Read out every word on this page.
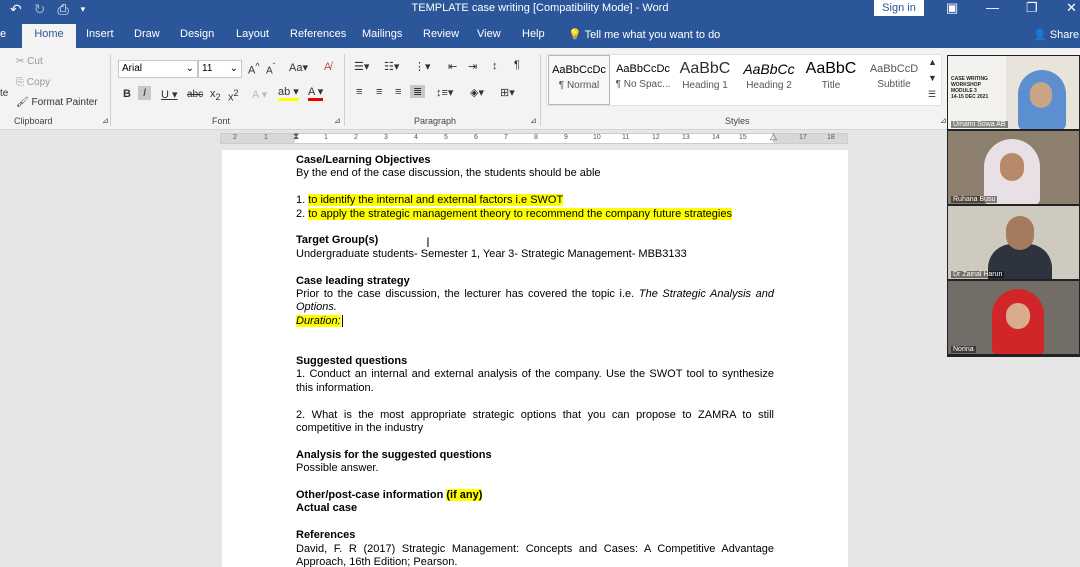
↶ ↻ ⎙ ▾	TEMPLATE case writing [Compatibility Mode] - Word	Sign in	▣ — ❐ ✕
e	Home	Insert Draw Design Layout References Mailings Review View Help 💡 Tell me what you want to do	👤 Share
✂ Cut
⎘ Copy
🖌 Format Painter
te
Clipboard	⊿
Arial	⌄ 11 ⌄ A^ $A^ˇ$ Aa▾ A̸
B	I	U ▾ abc $x_2$ $x^2$ A ▾ ab ▾ A ▾
Font	⊿
☰▾ ☷▾ ⋮▾ ⇤ ⇥ ↕ ¶
≡ ≡ ≡ ≣ ↕≡▾ ◈▾ ⊞▾
Paragraph	⊿
AaBbCcDc
¶ Normal
AaBbCcDc
¶ No Spac...
AaBbC
Heading 1
AaBbCc
Heading 2
AaBbC
Title
AaBbCcD
Subtitle
▲
▼
☰
Styles	⊿
2	1	⧗	1	2	3	4	5	6	7	8	9	10	11	12	13	14	15	△	17	18
Case/Learning Objectives
By the end of the case discussion, the students should be able
1. to identify the internal and external factors i.e SWOT
2. to apply the strategic management theory to recommend the company future strategies
Target Group(s)
Undergraduate students- Semester 1, Year 3- Strategic Management- MBB3133
Case leading strategy
Prior to the case discussion, the lecturer has covered the topic i.e. The Strategic Analysis and Options.
Duration:
Suggested questions
1. Conduct an internal and external analysis of the company. Use the SWOT tool to synthesize this information.
2. What is the most appropriate strategic options that you can propose to ZAMRA to still competitive in the industry
Analysis for the suggested questions
Possible answer.
Other/post-case information (if any)
Actual case
References
David, F. R (2017) Strategic Management: Concepts and Cases: A Competitive Advantage Approach, 16th Edition; Pearson.
I
CASE WRITING
WORKSHOP
MODULE 3
14-15 DEC 2021
Umami Sowa AB
Ruhana Busu
Dr Zainal Harun
Norina
